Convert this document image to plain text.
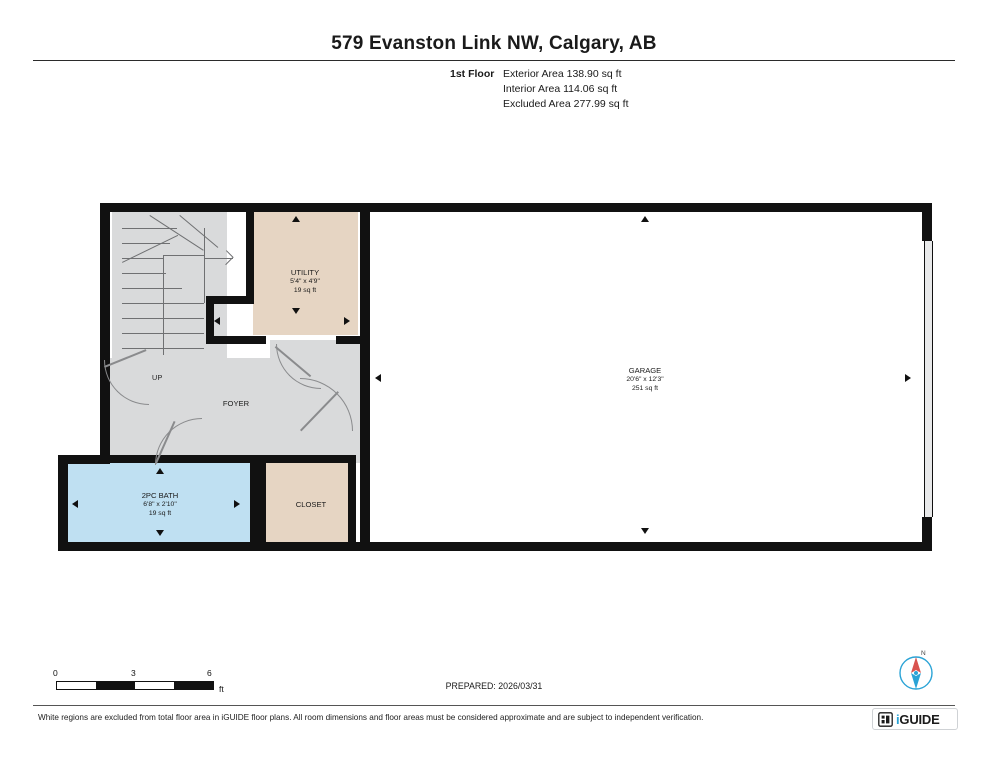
579 Evanston Link NW, Calgary, AB
1st Floor Exterior Area 138.90 sq ft
Interior Area 114.06 sq ft
Excluded Area 277.99 sq ft
UP
UTILITY
5'4" x 4'9"
19 sq ft
GARAGE
20'6" x 12'3"
251 sq ft
FOYER
2PC BATH
6'8" x 2'10"
19 sq ft
CLOSET
0	3	6
ft	PREPARED: 2026/03/31
White regions are excluded from total floor area in iGUIDE floor plans. All room dimensions and floor areas must be considered approximate and are subject to independent verification.
N
iGUIDE
